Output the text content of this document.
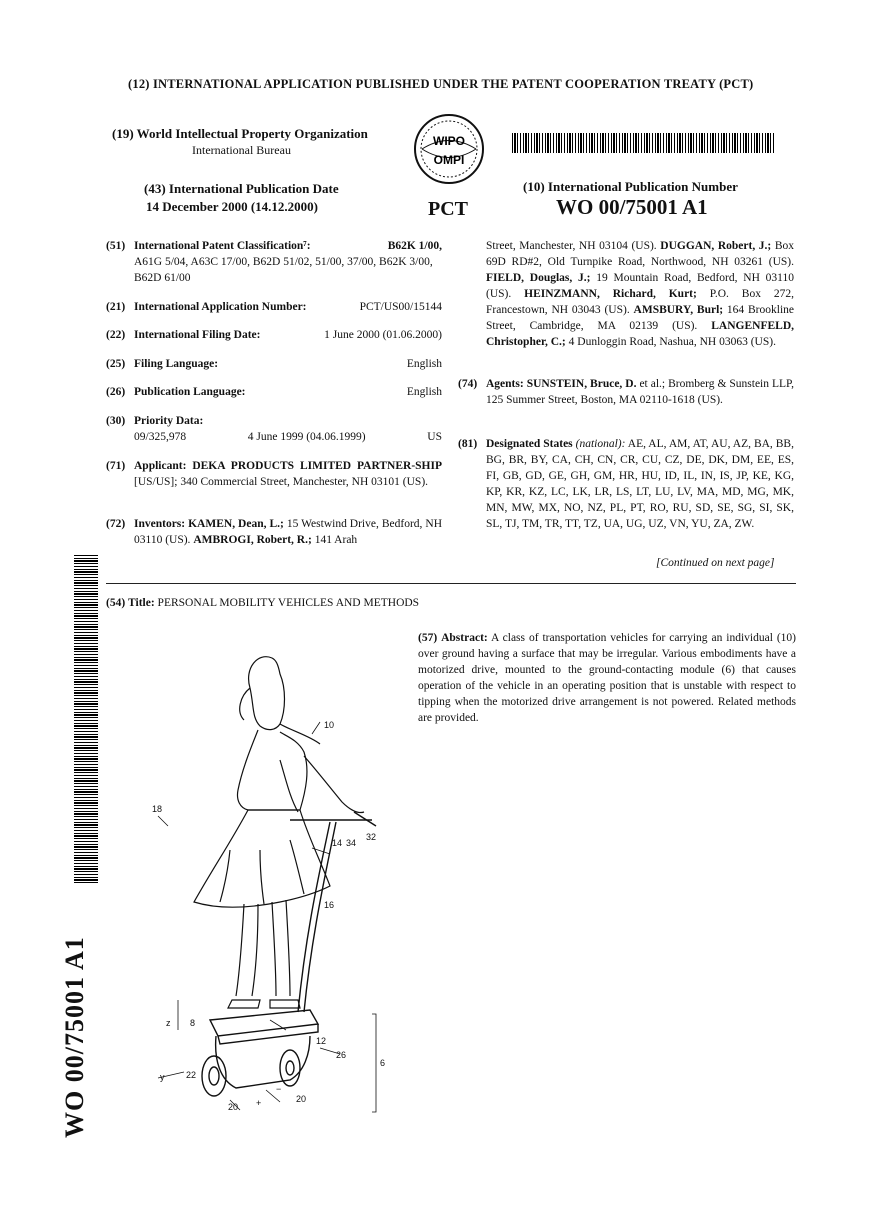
(12) INTERNATIONAL APPLICATION PUBLISHED UNDER THE PATENT COOPERATION TREATY (PCT)
(19) World Intellectual Property Organization
International Bureau
WIPO
OMPI
(43) International Publication Date
14 December 2000 (14.12.2000)	PCT
(10) International Publication Number
WO 00/75001 A1
(51) International Patent Classification⁷:	B62K 1/00,
A61G 5/04, A63C 17/00, B62D 51/02, 51/00, 37/00, B62K 3/00, B62D 61/00
(21) International Application Number:	PCT/US00/15144
(22) International Filing Date:	1 June 2000 (01.06.2000)
(25) Filing Language:	English
(26) Publication Language:	English
(30) Priority Data:
09/325,978	4 June 1999 (04.06.1999)	US
(71) Applicant: DEKA PRODUCTS LIMITED PARTNER-SHIP [US/US]; 340 Commercial Street, Manchester, NH 03101 (US).
(72) Inventors: KAMEN, Dean, L.; 15 Westwind Drive, Bedford, NH 03110 (US). AMBROGI, Robert, R.; 141 Arah
Street, Manchester, NH 03104 (US). DUGGAN, Robert, J.; Box 69D RD#2, Old Turnpike Road, Northwood, NH 03261 (US). FIELD, Douglas, J.; 19 Mountain Road, Bedford, NH 03110 (US). HEINZMANN, Richard, Kurt; P.O. Box 272, Francestown, NH 03043 (US). AMSBURY, Burl; 164 Brookline Street, Cambridge, MA 02139 (US). LANGENFELD, Christopher, C.; 4 Dunloggin Road, Nashua, NH 03063 (US).
(74) Agents: SUNSTEIN, Bruce, D. et al.; Bromberg & Sunstein LLP, 125 Summer Street, Boston, MA 02110-1618 (US).
(81) Designated States (national): AE, AL, AM, AT, AU, AZ, BA, BB, BG, BR, BY, CA, CH, CN, CR, CU, CZ, DE, DK, DM, EE, ES, FI, GB, GD, GE, GH, GM, HR, HU, ID, IL, IN, IS, JP, KE, KG, KP, KR, KZ, LC, LK, LR, LS, LT, LU, LV, MA, MD, MG, MK, MN, MW, MX, NO, NZ, PL, PT, RO, RU, SD, SE, SG, SI, SK, SL, TJ, TM, TR, TT, TZ, UA, UG, UZ, VN, YU, ZA, ZW.
[Continued on next page]
(54) Title: PERSONAL MOBILITY VEHICLES AND METHODS
(57) Abstract: A class of transportation vehicles for carrying an individual (10) over ground having a surface that may be irregular. Various embodiments have a motorized drive, mounted to the ground-contacting module (6) that causes operation of the vehicle in an operating position that is unstable with respect to tipping when the motorized drive arrangement is not powered. Related methods are provided.
WO 00/75001 A1
10
18
14 34
32
16
z 8
12
26
6
y 22
20
20
+
−
